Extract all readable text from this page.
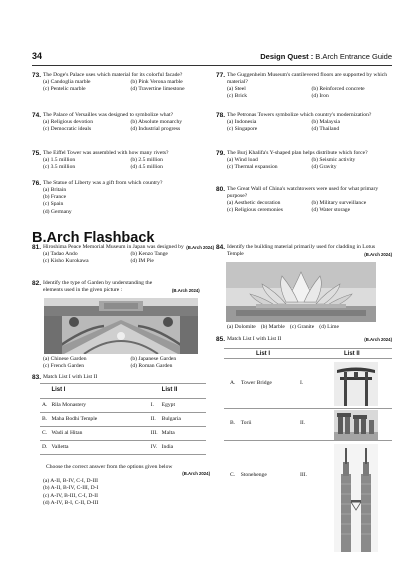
34	Design Quest : B.Arch Entrance Guide
73. The Doge's Palace uses which material for its colorful facade?
(a) Candoglia marble	(b) Pink Verona marble
(c) Pentelic marble	(d) Travertine limestone
74. The Palace of Versailles was designed to symbolize what?
(a) Religious devotion	(b) Absolute monarchy
(c) Democratic ideals	(d) Industrial progress
75. The Eiffel Tower was assembled with how many rivets?
(a) 1.5 million	(b) 2.5 million
(c) 3.5 million	(d) 4.5 million
76. The Statue of Liberty was a gift from which country?
(a) Britain
(b) France
(c) Spain
(d) Germany
77. The Guggenheim Museum's cantilevered floors are supported by which material?
(a) Steel	(b) Reinforced concrete
(c) Brick	(d) Iron
78. The Petronas Towers symbolize which country's modernization?
(a) Indonesia	(b) Malaysia
(c) Singapore	(d) Thailand
79. The Burj Khalifa's Y-shaped plan helps distribute which force?
(a) Wind load	(b) Seismic activity
(c) Thermal expansion	(d) Gravity
80. The Great Wall of China's watchtowers were used for what primary purpose?
(a) Aesthetic decoration	(b) Military surveillance
(c) Religious ceremonies	(d) Water storage
B.Arch Flashback
81. Hiroshima Peace Memorial Museum in Japan was designed by (B.Arch 2024)
(a) Tadao Ando	(b) Kenzo Tange
(c) Kisho Kurokawa	(d) IM Pie
82. Identify the type of Garden by understanding the elements used in the given picture :	(B.Arch 2024)
(a) Chinese Garden	(b) Japanese Garden
(c) French Garden	(d) Roman Garden
83. Match List I with List II
	List I		List II
A.	Rila Monastery	I.	Egypt
B.	Maha Bodhi Temple	II.	Bulgaria
C.	Wadi al Hitan	III.	Malta
D.	Valletta	IV.	India
Choose the correct answer from the options given below
(B.Arch 2024)
(a) A-II, B-IV, C-I, D-III
(b) A-II, B-IV, C-III, D-I
(c) A-IV, B-III, C-I, D-II
(d) A-IV, B-I, C-II, D-III
84. Identify the building material primarily used for cladding in Lotus Temple	(B.Arch 2024)
(a) Dolomite (b) Marble (c) Granite (d) Lime
85. Match List I with List II	(B.Arch 2024)
List I	List II
A. Tower Bridge	I.
B. Torii	II.
C. Stonehenge	III.
